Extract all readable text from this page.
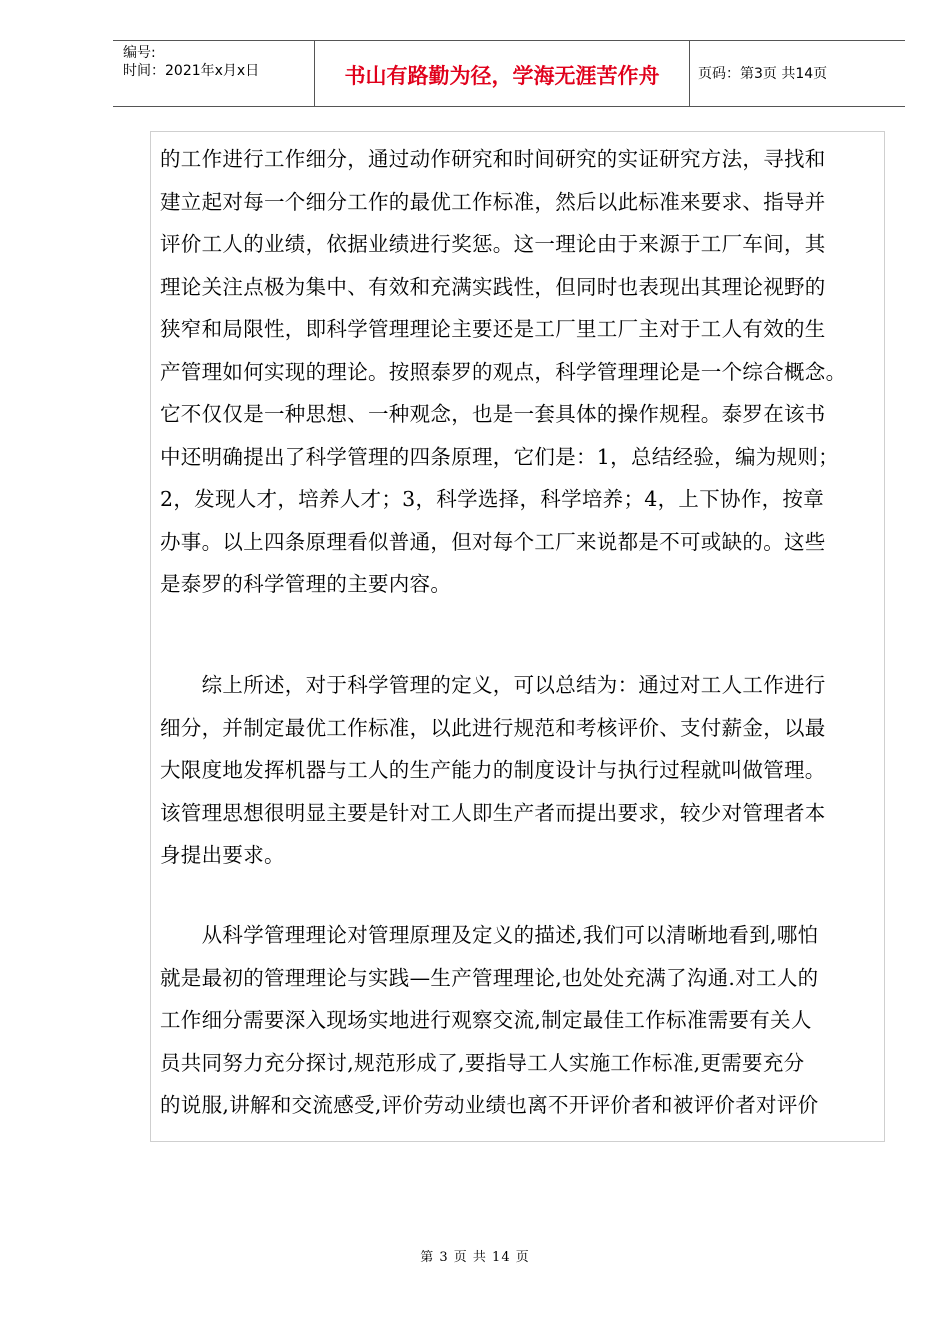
编号:
时间：2021年x月x日	书山有路勤为径，学海无涯苦作舟	页码：第3页 共14页
的工作进行工作细分，通过动作研究和时间研究的实证研究方法，寻找和
建立起对每一个细分工作的最优工作标准，然后以此标准来要求、指导并
评价工人的业绩，依据业绩进行奖惩。这一理论由于来源于工厂车间，其
理论关注点极为集中、有效和充满实践性，但同时也表现出其理论视野的
狭窄和局限性，即科学管理理论主要还是工厂里工厂主对于工人有效的生
产管理如何实现的理论。按照泰罗的观点，科学管理理论是一个综合概念。
它不仅仅是一种思想、一种观念，也是一套具体的操作规程。泰罗在该书
中还明确提出了科学管理的四条原理，它们是：1，总结经验，编为规则；
2，发现人才，培养人才；3，科学选择，科学培养；4，上下协作，按章
办事。以上四条原理看似普通，但对每个工厂来说都是不可或缺的。这些
是泰罗的科学管理的主要内容。
　　综上所述，对于科学管理的定义，可以总结为：通过对工人工作进行
细分，并制定最优工作标准，以此进行规范和考核评价、支付薪金，以最
大限度地发挥机器与工人的生产能力的制度设计与执行过程就叫做管理。
该管理思想很明显主要是针对工人即生产者而提出要求，较少对管理者本
身提出要求。
　　从科学管理理论对管理原理及定义的描述,我们可以清晰地看到,哪怕
就是最初的管理理论与实践—生产管理理论,也处处充满了沟通.对工人的
工作细分需要深入现场实地进行观察交流,制定最佳工作标准需要有关人
员共同努力充分探讨,规范形成了,要指导工人实施工作标准,更需要充分
的说服,讲解和交流感受,评价劳动业绩也离不开评价者和被评价者对评价
第 3 页 共 14 页
